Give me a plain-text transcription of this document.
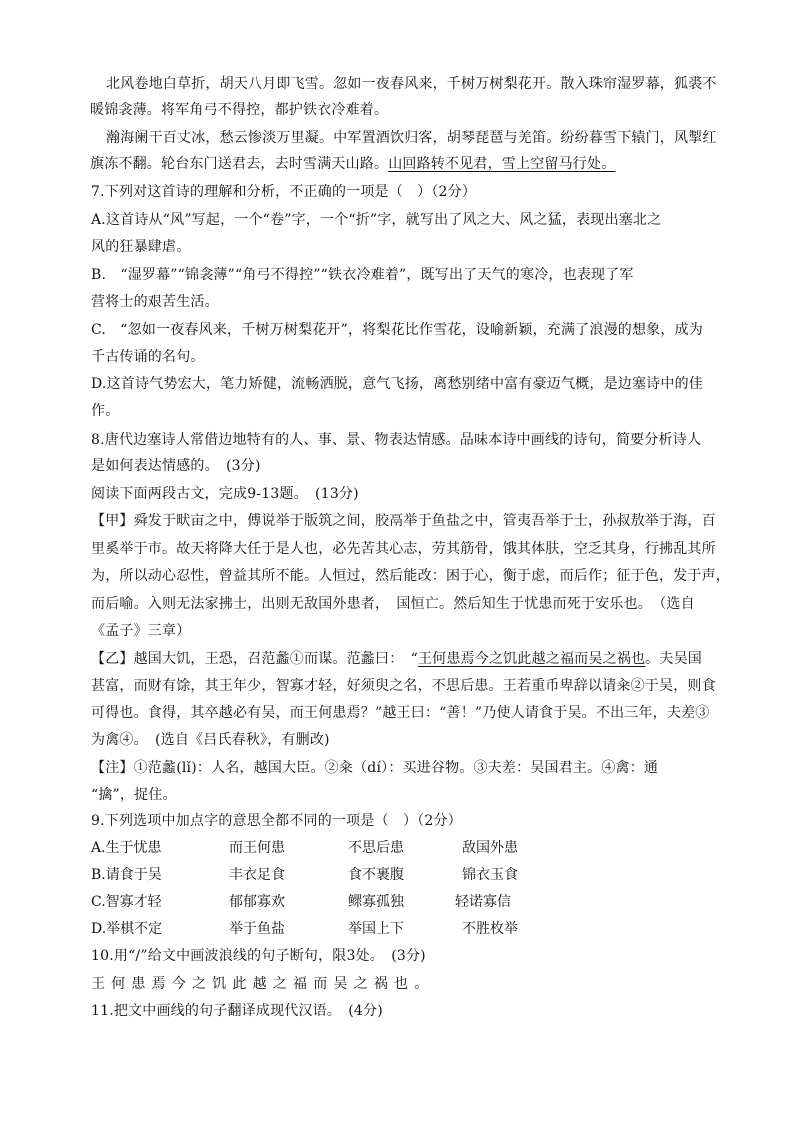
北风卷地白草折，胡天八月即飞雪。忽如一夜春风来，千树万树梨花开。散入珠帘湿罗幕，狐裘不
暖锦衾薄。将军角弓不得控，都护铁衣冷难着。
瀚海阑干百丈冰，愁云惨淡万里凝。中军置酒饮归客，胡琴琵琶与羌笛。纷纷暮雪下辕门，风掣红
旗冻不翻。轮台东门送君去，去时雪满天山路。山回路转不见君，雪上空留马行处。
7.下列对这首诗的理解和分析，不正确的一项是（　）（2分）
A.这首诗从“风”写起，一个“卷”字，一个“折”字，就写出了风之大、风之猛，表现出塞北之
风的狂暴肆虐。
B.　“湿罗幕”“锦衾薄”“角弓不得控”“铁衣冷难着”，既写出了天气的寒冷，也表现了军
营将士的艰苦生活。
C.　“忽如一夜春风来，千树万树梨花开”，将梨花比作雪花，设喻新颖，充满了浪漫的想象，成为
千古传诵的名句。
D.这首诗气势宏大，笔力矫健，流畅洒脱，意气飞扬，离愁别绪中富有豪迈气概，是边塞诗中的佳
作。
8.唐代边塞诗人常借边地特有的人、事、景、物表达情感。品味本诗中画线的诗句，简要分析诗人
是如何表达情感的。　(3分)
阅读下面两段古文，完成9-13题。　(13分)
【甲】舜发于畎亩之中，傅说举于版筑之间，胶鬲举于鱼盐之中，管夷吾举于士，孙叔敖举于海，百
里奚举于市。故天将降大任于是人也，必先苦其心志，劳其筋骨，饿其体肤，空乏其身，行拂乱其所
为，所以动心忍性，曾益其所不能。人恒过，然后能改：困于心，衡于虑，而后作；征于色，发于声，
而后喻。入则无法家拂士，出则无敌国外患者，　国恒亡。然后知生于忧患而死于安乐也。　（选自
《孟子》三章）
【乙】越国大饥，王恐，召范蠡①而谋。范蠡曰：　“王何患焉今之饥此越之福而吴之祸也。夫吴国
甚富，而财有馀，其王年少，智寡才轻，好须臾之名，不思后患。王若重币卑辞以请籴②于吴，则食
可得也。食得，其卒越必有吴，而王何患焉？”越王曰：“善！”乃使人请食于吴。不出三年，夫差③
为禽④。　(选自《吕氏春秋》，有删改)
【注】①范蠡(lǐ)：人名，越国大臣。②籴（dí）：买进谷物。③夫差：吴国君主。④禽：通
“擒”，捉住。
9.下列选项中加点字的意思全都不同的一项是（　）（2分）
A.生于忧患	而王何患	不思后患	敌国外患
B.请食于吴	丰衣足食	食不裹腹	锦衣玉食
C.智寡才轻	郁郁寡欢	鳏寡孤独	轻诺寡信
D.举棋不定	举于鱼盐	举国上下	不胜枚举
10.用“/”给文中画波浪线的句子断句，限3处。　(3分)
王何患焉今之饥此越之福而吴之祸也。
11.把文中画线的句子翻译成现代汉语。　(4分)
